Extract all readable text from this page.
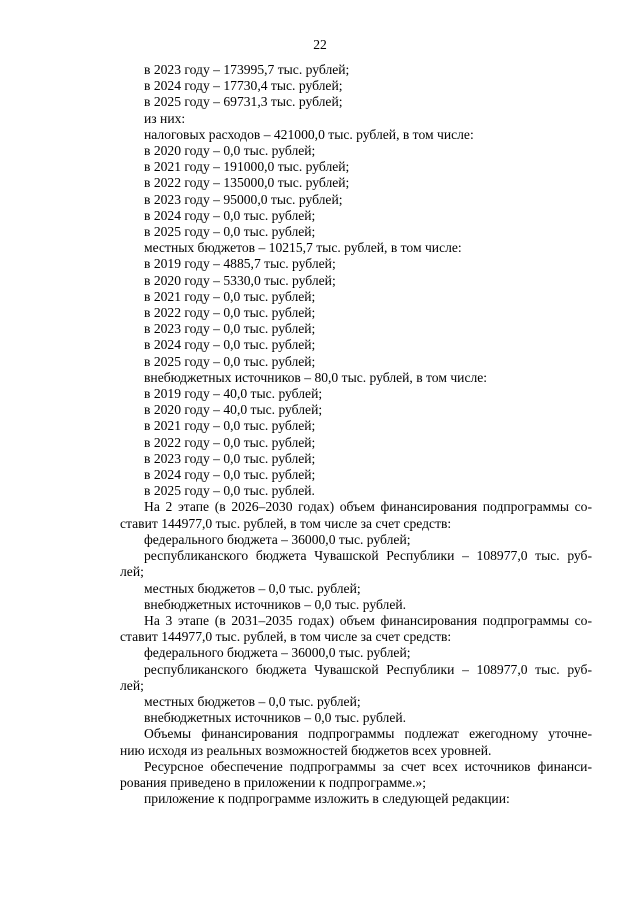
22
в 2023 году – 173995,7 тыс. рублей;
в 2024 году – 17730,4 тыс. рублей;
в 2025 году – 69731,3 тыс. рублей;
из них:
налоговых расходов – 421000,0 тыс. рублей, в том числе:
в 2020 году – 0,0 тыс. рублей;
в 2021 году – 191000,0 тыс. рублей;
в 2022 году – 135000,0 тыс. рублей;
в 2023 году – 95000,0 тыс. рублей;
в 2024 году – 0,0 тыс. рублей;
в 2025 году – 0,0 тыс. рублей;
местных бюджетов – 10215,7 тыс. рублей, в том числе:
в 2019 году – 4885,7 тыс. рублей;
в 2020 году – 5330,0 тыс. рублей;
в 2021 году – 0,0 тыс. рублей;
в 2022 году – 0,0 тыс. рублей;
в 2023 году – 0,0 тыс. рублей;
в 2024 году – 0,0 тыс. рублей;
в 2025 году – 0,0 тыс. рублей;
внебюджетных источников – 80,0 тыс. рублей, в том числе:
в 2019 году – 40,0 тыс. рублей;
в 2020 году – 40,0 тыс. рублей;
в 2021 году – 0,0 тыс. рублей;
в 2022 году – 0,0 тыс. рублей;
в 2023 году – 0,0 тыс. рублей;
в 2024 году – 0,0 тыс. рублей;
в 2025 году – 0,0 тыс. рублей.
На 2 этапе (в 2026–2030 годах) объем финансирования подпрограммы со-
ставит 144977,0 тыс. рублей, в том числе за счет средств:
федерального бюджета – 36000,0 тыс. рублей;
республиканского бюджета Чувашской Республики – 108977,0 тыс. руб-
лей;
местных бюджетов – 0,0 тыс. рублей;
внебюджетных источников – 0,0 тыс. рублей.
На 3 этапе (в 2031–2035 годах) объем финансирования подпрограммы со-
ставит 144977,0 тыс. рублей, в том числе за счет средств:
федерального бюджета – 36000,0 тыс. рублей;
республиканского бюджета Чувашской Республики – 108977,0 тыс. руб-
лей;
местных бюджетов – 0,0 тыс. рублей;
внебюджетных источников – 0,0 тыс. рублей.
Объемы финансирования подпрограммы подлежат ежегодному уточне-
нию исходя из реальных возможностей бюджетов всех уровней.
Ресурсное обеспечение подпрограммы за счет всех источников финанси-
рования приведено в приложении к подпрограмме.»;
приложение к подпрограмме изложить в следующей редакции:
